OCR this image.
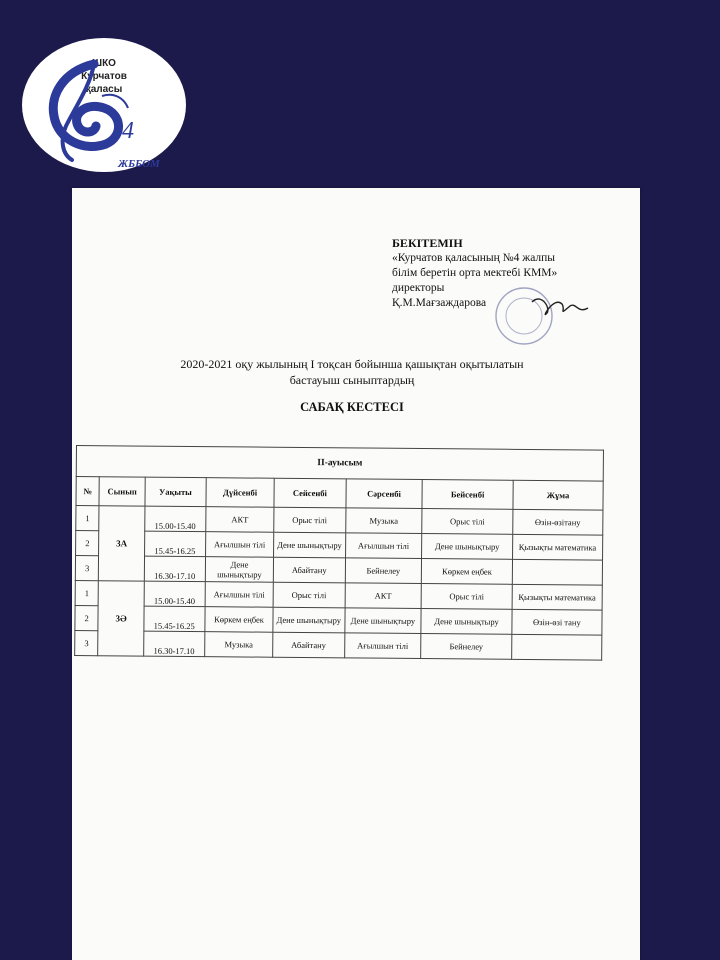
ШКО
Курчатов
қаласы
4
ЖББОМ
БЕКІТЕМІН
«Курчатов қаласының №4 жалпы
білім беретін орта мектебі КММ»
директоры
Қ.М.Мағзаждарова
2020-2021 оқу жылының І тоқсан бойынша қашықтан оқытылатын
бастауыш сыныптардың
САБАҚ КЕСТЕСІ
ІІ-ауысым							
№	Сынып	Уақыты	Дүйсенбі	Сейсенбі	Сәрсенбі	Бейсенбі	Жұма
1	3А	15.00-15.40	АКТ	Орыс тілі	Музыка	Орыс тілі	Өзін-өзітану
2		15.45-16.25	Ағылшын тілі	Дене шынықтыру	Ағылшын тілі	Дене шынықтыру	Қызықты математика
3		16.30-17.10	Дене шынықтыру	Абайтану	Бейнелеу	Көркем еңбек	
1	3Ә	15.00-15.40	Ағылшын тілі	Орыс тілі	АКТ	Орыс тілі	Қызықты математика
2		15.45-16.25	Көркем еңбек	Дене шынықтыру	Дене шынықтыру	Дене шынықтыру	Өзін-өзі тану
3		16.30-17.10	Музыка	Абайтану	Ағылшын тілі	Бейнелеу	
